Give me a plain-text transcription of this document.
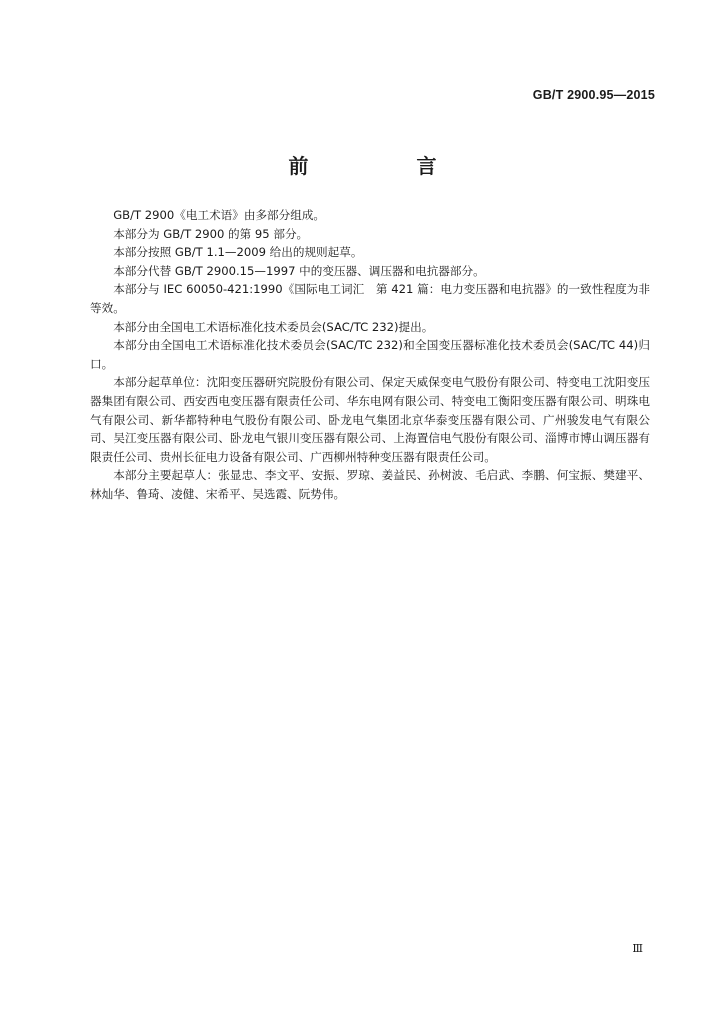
GB/T 2900.95—2015
前　言

GB/T 2900《电工术语》由多部分组成。

本部分为 GB/T 2900 的第 95 部分。

本部分按照 GB/T 1.1—2009 给出的规则起草。

本部分代替 GB/T 2900.15—1997 中的变压器、调压器和电抗器部分。

本部分与 IEC 60050-421:1990《国际电工词汇　第 421 篇：电力变压器和电抗器》的一致性程度为非等效。

本部分由全国电工术语标准化技术委员会(SAC/TC 232)提出。

本部分由全国电工术语标准化技术委员会(SAC/TC 232)和全国变压器标准化技术委员会(SAC/TC 44)归口。

本部分起草单位：沈阳变压器研究院股份有限公司、保定天威保变电气股份有限公司、特变电工沈阳变压器集团有限公司、西安西电变压器有限责任公司、华东电网有限公司、特变电工衡阳变压器有限公司、明珠电气有限公司、新华都特种电气股份有限公司、卧龙电气集团北京华泰变压器有限公司、广州骏发电气有限公司、吴江变压器有限公司、卧龙电气银川变压器有限公司、上海置信电气股份有限公司、淄博市博山调压器有限责任公司、贵州长征电力设备有限公司、广西柳州特种变压器有限责任公司。

本部分主要起草人：张显忠、李文平、安振、罗琼、姜益民、孙树波、毛启武、李鹏、何宝振、樊建平、林灿华、鲁琦、凌健、宋希平、吴选霞、阮势伟。

Ⅲ
